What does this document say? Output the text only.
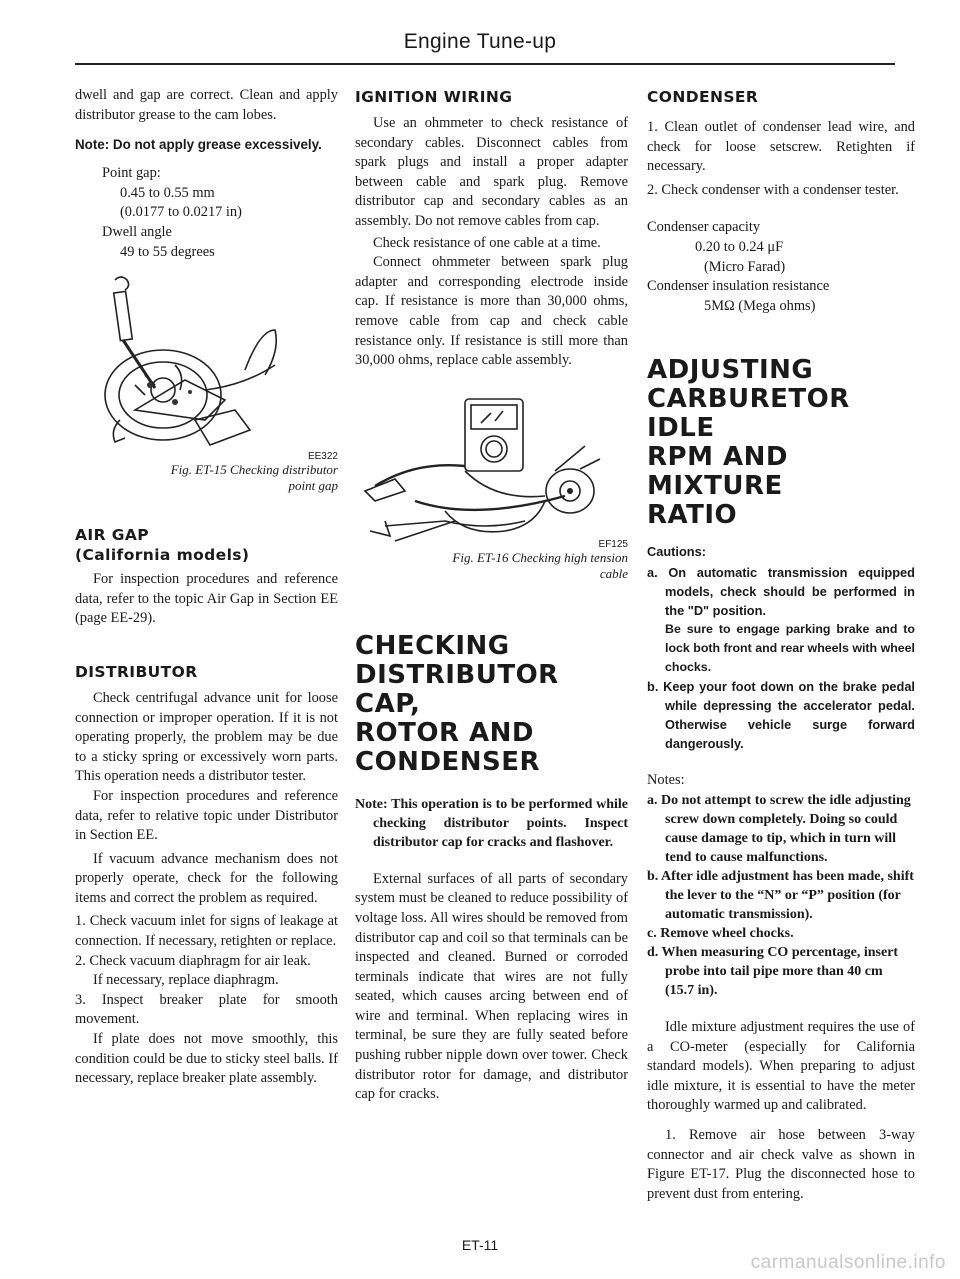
Engine Tune-up

dwell and gap are correct. Clean and apply distributor grease to the cam lobes.

Note: Do not apply grease excessively.

Point gap:
0.45 to 0.55 mm
(0.0177 to 0.0217 in)
Dwell angle
49 to 55 degrees
EE322
Fig. ET-15 Checking distributor
point gap
AIR GAP
(California models)

For inspection procedures and reference data, refer to the topic Air Gap in Section EE (page EE-29).

DISTRIBUTOR

Check centrifugal advance unit for loose connection or improper operation. If it is not operating properly, the problem may be due to a sticky spring or excessively worn parts. This operation needs a distributor tester.

For inspection procedures and reference data, refer to relative topic under Distributor in Section EE.

If vacuum advance mechanism does not properly operate, check for the following items and correct the problem as required.

1. Check vacuum inlet for signs of leakage at connection. If necessary, retighten or replace.

2. Check vacuum diaphragm for air leak.

If necessary, replace diaphragm.

3. Inspect breaker plate for smooth movement.

If plate does not move smoothly, this condition could be due to sticky steel balls. If necessary, replace breaker plate assembly.

IGNITION WIRING

Use an ohmmeter to check resistance of secondary cables. Disconnect cables from spark plugs and install a proper adapter between cable and spark plug. Remove distributor cap and secondary cables as an assembly. Do not remove cables from cap.

Check resistance of one cable at a time.

Connect ohmmeter between spark plug adapter and corresponding electrode inside cap. If resistance is more than 30,000 ohms, remove cable from cap and check cable resistance only. If resistance is still more than 30,000 ohms, replace cable assembly.

EF125
Fig. ET-16 Checking high tension
cable
CHECKING
DISTRIBUTOR CAP,
ROTOR AND
CONDENSER

Note: This operation is to be performed while checking distributor points. Inspect distributor cap for cracks and flashover.

External surfaces of all parts of secondary system must be cleaned to reduce possibility of voltage loss. All wires should be removed from distributor cap and coil so that terminals can be inspected and cleaned. Burned or corroded terminals indicate that wires are not fully seated, which causes arcing between end of wire and terminal. When replacing wires in terminal, be sure they are fully seated before pushing rubber nipple down over tower. Check distributor rotor for damage, and distributor cap for cracks.

CONDENSER

1. Clean outlet of condenser lead wire, and check for loose setscrew. Retighten if necessary.

2. Check condenser with a condenser tester.

Condenser capacity
0.20 to 0.24 μF
(Micro Farad)
Condenser insulation resistance
5MΩ (Mega ohms)
ADJUSTING
CARBURETOR IDLE
RPM AND MIXTURE
RATIO

Cautions:

a. On automatic transmission equipped models, check should be performed in the "D" position.

Be sure to engage parking brake and to lock both front and rear wheels with wheel chocks.

b. Keep your foot down on the brake pedal while depressing the accelerator pedal. Otherwise vehicle surge forward dangerously.

Notes:

a. Do not attempt to screw the idle adjusting screw down completely. Doing so could cause damage to tip, which in turn will tend to cause malfunctions.

b. After idle adjustment has been made, shift the lever to the “N” or “P” position (for automatic transmission).

c. Remove wheel chocks.

d. When measuring CO percentage, insert probe into tail pipe more than 40 cm (15.7 in).

Idle mixture adjustment requires the use of a CO-meter (especially for California standard models). When preparing to adjust idle mixture, it is essential to have the meter thoroughly warmed up and calibrated.

1. Remove air hose between 3-way connector and air check valve as shown in Figure ET-17. Plug the disconnected hose to prevent dust from entering.

ET-11
carmanualsonline.info
